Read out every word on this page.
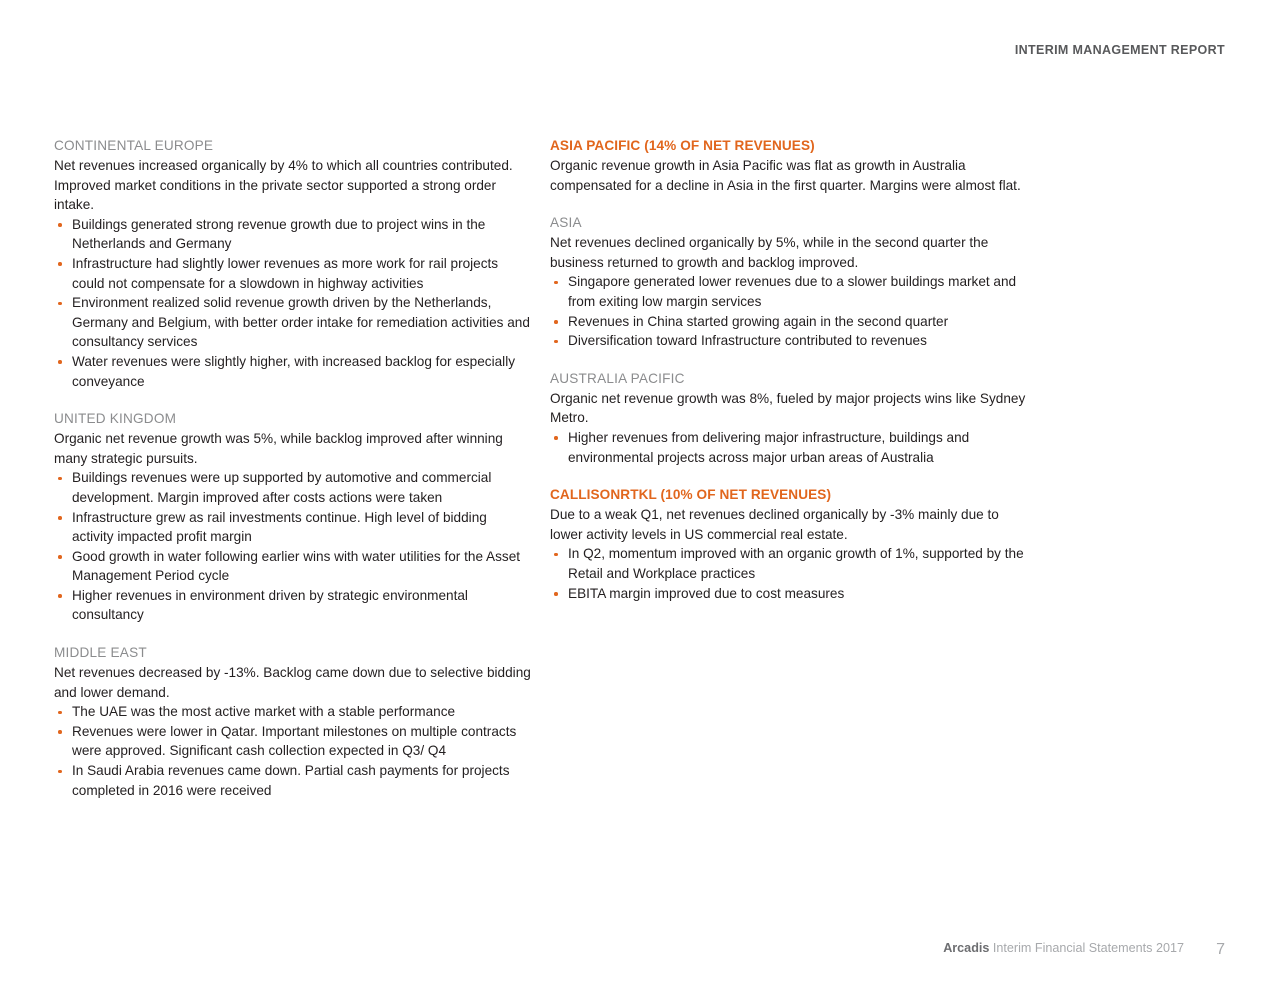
INTERIM MANAGEMENT REPORT
CONTINENTAL EUROPE

Net revenues increased organically by 4% to which all countries contributed. Improved market conditions in the private sector supported a strong order intake.

Buildings generated strong revenue growth due to project wins in the Netherlands and Germany
Infrastructure had slightly lower revenues as more work for rail projects could not compensate for a slowdown in highway activities
Environment realized solid revenue growth driven by the Netherlands, Germany and Belgium, with better order intake for remediation activities and consultancy services
Water revenues were slightly higher, with increased backlog for especially conveyance
UNITED KINGDOM

Organic net revenue growth was 5%, while backlog improved after winning many strategic pursuits.

Buildings revenues were up supported by automotive and commercial development. Margin improved after costs actions were taken
Infrastructure grew as rail investments continue. High level of bidding activity impacted profit margin
Good growth in water following earlier wins with water utilities for the Asset Management Period cycle
Higher revenues in environment driven by strategic environmental consultancy
MIDDLE EAST

Net revenues decreased by -13%. Backlog came down due to selective bidding and lower demand.

The UAE was the most active market with a stable performance
Revenues were lower in Qatar. Important milestones on multiple contracts were approved. Significant cash collection expected in Q3/ Q4
In Saudi Arabia revenues came down. Partial cash payments for projects completed in 2016 were received
ASIA PACIFIC (14% OF NET REVENUES)

Organic revenue growth in Asia Pacific was flat as growth in Australia compensated for a decline in Asia in the first quarter. Margins were almost flat.

ASIA

Net revenues declined organically by 5%, while in the second quarter the business returned to growth and backlog improved.

Singapore generated lower revenues due to a slower buildings market and from exiting low margin services
Revenues in China started growing again in the second quarter
Diversification toward Infrastructure contributed to revenues
AUSTRALIA PACIFIC

Organic net revenue growth was 8%, fueled by major projects wins like Sydney Metro.

Higher revenues from delivering major infrastructure, buildings and environmental projects across major urban areas of Australia
CALLISONRTKL (10% OF NET REVENUES)

Due to a weak Q1, net revenues declined organically by -3% mainly due to lower activity levels in US commercial real estate.

In Q2, momentum improved with an organic growth of 1%, supported by the Retail and Workplace practices
EBITA margin improved due to cost measures
Arcadis Interim Financial Statements 2017 7
